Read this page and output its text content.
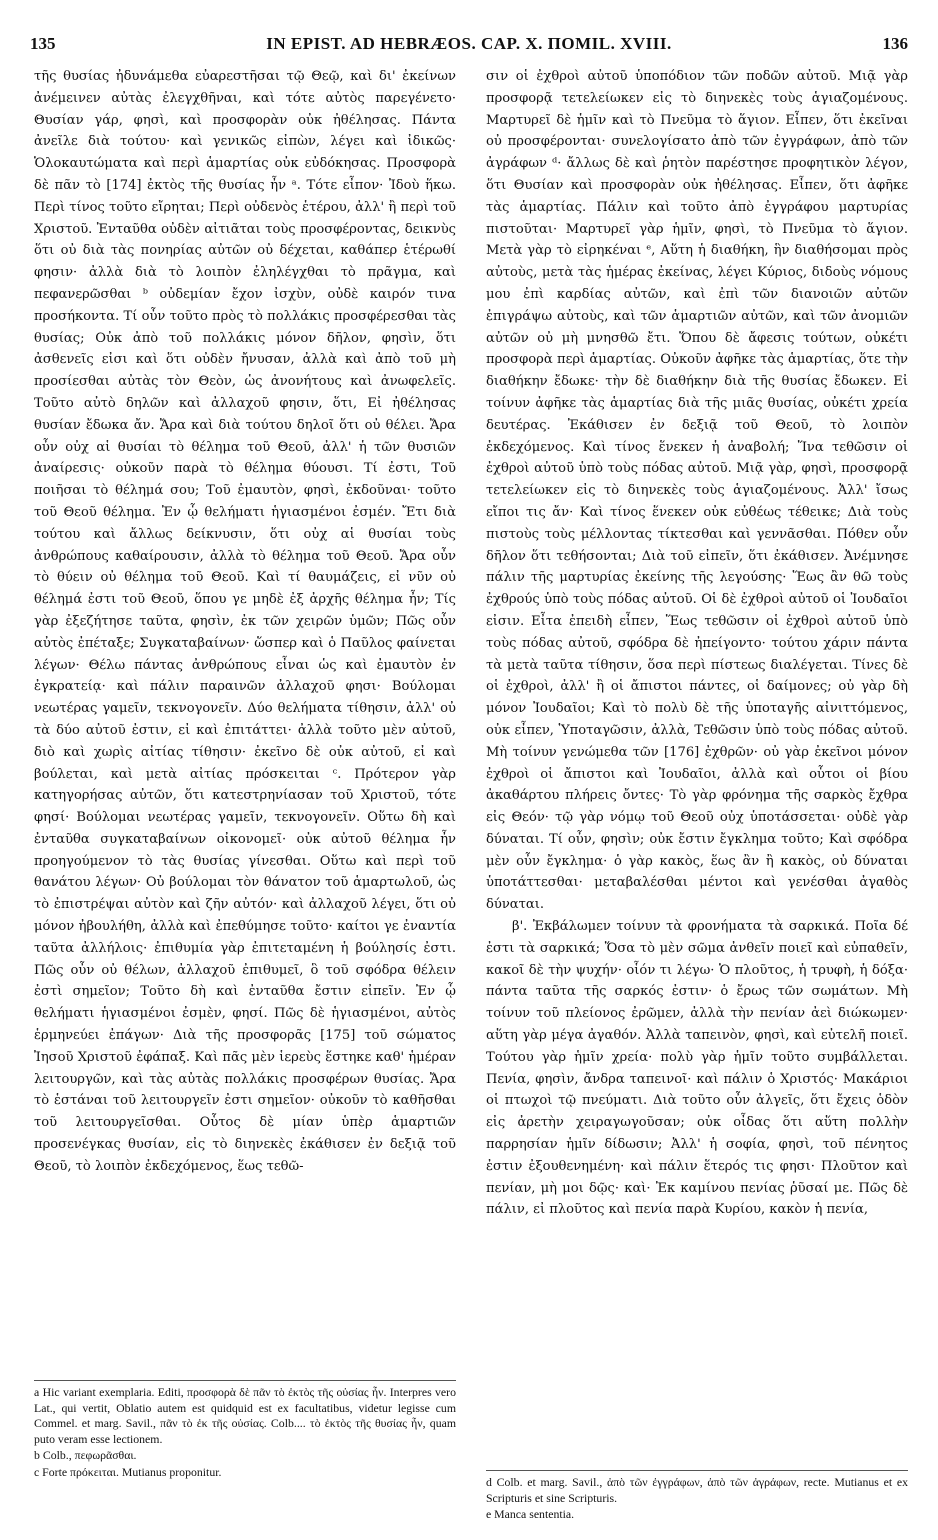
135	IN EPIST. AD HEBRÆOS. CAP. X. ΠΟΜΙL. XVIII.	136

τῆς θυσίας ἠδυνάμεθα εὐαρεστῆσαι τῷ Θεῷ, καὶ δι' ἐκείνων ἀνέμεινεν αὐτὰς ἐλεγχθῆναι, καὶ τότε αὐτὸς παρεγένετο· Θυσίαν γάρ, φησὶ, καὶ προσφορὰν οὐκ ἠθέλησας. Πάντα ἀνεῖλε διὰ τούτου· καὶ γενικῶς εἰπὼν, λέγει καὶ ἰδικῶς· Ὁλοκαυτώματα καὶ περὶ ἁμαρτίας οὐκ εὐδόκησας. Προσφορὰ δὲ πᾶν τὸ [174] ἐκτὸς τῆς θυσίας ἦν ᵃ. Τότε εἶπον· Ἰδοὺ ἥκω. Περὶ τίνος τοῦτο εἴρηται; Περὶ οὐδενὸς ἑτέρου, ἀλλ' ἢ περὶ τοῦ Χριστοῦ. Ἐνταῦθα οὐδὲν αἰτιᾶται τοὺς προσφέροντας, δεικνὺς ὅτι οὐ διὰ τὰς πονηρίας αὐτῶν οὐ δέχεται, καθάπερ ἑτέρωθί φησιν· ἀλλὰ διὰ τὸ λοιπὸν ἐληλέγχθαι τὸ πρᾶγμα, καὶ πεφανερῶσθαι ᵇ οὐδεμίαν ἔχον ἰσχὺν, οὐδὲ καιρόν τινα προσήκοντα. Τί οὖν τοῦτο πρὸς τὸ πολλάκις προσφέρεσθαι τὰς θυσίας; Οὐκ ἀπὸ τοῦ πολλάκις μόνον δῆλον, φησὶν, ὅτι ἀσθενεῖς εἰσι καὶ ὅτι οὐδὲν ἤνυσαν, ἀλλὰ καὶ ἀπὸ τοῦ μὴ προσίεσθαι αὐτὰς τὸν Θεὸν, ὡς ἀνονήτους καὶ ἀνωφελεῖς. Τοῦτο αὐτὸ δηλῶν καὶ ἀλλαχοῦ φησιν, ὅτι, Εἰ ἠθέλησας θυσίαν ἔδωκα ἄν. Ἄρα καὶ διὰ τούτου δηλοῖ ὅτι οὐ θέλει. Ἄρα οὖν οὐχ αἱ θυσίαι τὸ θέλημα τοῦ Θεοῦ, ἀλλ' ἡ τῶν θυσιῶν ἀναίρεσις· οὐκοῦν παρὰ τὸ θέλημα θύουσι. Τί ἐστι, Τοῦ ποιῆσαι τὸ θέλημά σου; Τοῦ ἐμαυτὸν, φησὶ, ἐκδοῦναι· τοῦτο τοῦ Θεοῦ θέλημα. Ἐν ᾧ θελήματι ἡγιασμένοι ἐσμέν. Ἔτι διὰ τούτου καὶ ἄλλως δείκνυσιν, ὅτι οὐχ αἱ θυσίαι τοὺς ἀνθρώπους καθαίρουσιν, ἀλλὰ τὸ θέλημα τοῦ Θεοῦ. Ἄρα οὖν τὸ θύειν οὐ θέλημα τοῦ Θεοῦ. Καὶ τί θαυμάζεις, εἰ νῦν οὐ θέλημά ἐστι τοῦ Θεοῦ, ὅπου γε μηδὲ ἐξ ἀρχῆς θέλημα ἦν; Τίς γὰρ ἐξεζήτησε ταῦτα, φησὶν, ἐκ τῶν χειρῶν ὑμῶν; Πῶς οὖν αὐτὸς ἐπέταξε; Συγκαταβαίνων· ὥσπερ καὶ ὁ Παῦλος φαίνεται λέγων· Θέλω πάντας ἀνθρώπους εἶναι ὡς καὶ ἐμαυτὸν ἐν ἐγκρατείᾳ· καὶ πάλιν παραινῶν ἀλλαχοῦ φησι· Βούλομαι νεωτέρας γαμεῖν, τεκνογονεῖν. Δύο θελήματα τίθησιν, ἀλλ' οὐ τὰ δύο αὐτοῦ ἐστιν, εἰ καὶ ἐπιτάττει· ἀλλὰ τοῦτο μὲν αὐτοῦ, διὸ καὶ χωρὶς αἰτίας τίθησιν· ἐκεῖνο δὲ οὐκ αὐτοῦ, εἰ καὶ βούλεται, καὶ μετὰ αἰτίας πρόσκειται ᶜ. Πρότερον γὰρ κατηγορήσας αὐτῶν, ὅτι κατεστρηνίασαν τοῦ Χριστοῦ, τότε φησί· Βούλομαι νεωτέρας γαμεῖν, τεκνογονεῖν. Οὕτω δὴ καὶ ἐνταῦθα συγκαταβαίνων οἰκονομεῖ· οὐκ αὐτοῦ θέλημα ἦν προηγούμενον τὸ τὰς θυσίας γίνεσθαι. Οὕτω καὶ περὶ τοῦ θανάτου λέγων· Οὐ βούλομαι τὸν θάνατον τοῦ ἁμαρτωλοῦ, ὡς τὸ ἐπιστρέψαι αὐτὸν καὶ ζῆν αὐτόν· καὶ ἀλλαχοῦ λέγει, ὅτι οὐ μόνον ἠβουλήθη, ἀλλὰ καὶ ἐπεθύμησε τοῦτο· καίτοι γε ἐναντία ταῦτα ἀλλήλοις· ἐπιθυμία γὰρ ἐπιτεταμένη ἡ βούλησίς ἐστι. Πῶς οὖν οὐ θέλων, ἀλλαχοῦ ἐπιθυμεῖ, ὃ τοῦ σφόδρα θέλειν ἐστὶ σημεῖον; Τοῦτο δὴ καὶ ἐνταῦθα ἔστιν εἰπεῖν. Ἐν ᾧ θελήματι ἡγιασμένοι ἐσμὲν, φησί. Πῶς δὲ ἡγιασμένοι, αὐτὸς ἑρμηνεύει ἐπάγων· Διὰ τῆς προσφορᾶς [175] τοῦ σώματος Ἰησοῦ Χριστοῦ ἐφάπαξ. Καὶ πᾶς μὲν ἱερεὺς ἕστηκε καθ' ἡμέραν λειτουργῶν, καὶ τὰς αὐτὰς πολλάκις προσφέρων θυσίας. Ἄρα τὸ ἑστάναι τοῦ λειτουργεῖν ἐστι σημεῖον· οὐκοῦν τὸ καθῆσθαι τοῦ λειτουργεῖσθαι. Οὗτος δὲ μίαν ὑπὲρ ἁμαρτιῶν προσενέγκας θυσίαν, εἰς τὸ διηνεκὲς ἐκάθισεν ἐν δεξιᾷ τοῦ Θεοῦ, τὸ λοιπὸν ἐκδεχόμενος, ἕως τεθῶ-

σιν οἱ ἐχθροὶ αὐτοῦ ὑποπόδιον τῶν ποδῶν αὐτοῦ. Μιᾷ γὰρ προσφορᾷ τετελείωκεν εἰς τὸ διηνεκὲς τοὺς ἁγιαζομένους. Μαρτυρεῖ δὲ ἡμῖν καὶ τὸ Πνεῦμα τὸ ἅγιον. Εἶπεν, ὅτι ἐκεῖναι οὐ προσφέρονται· συνελογίσατο ἀπὸ τῶν ἐγγράφων, ἀπὸ τῶν ἀγράφων ᵈ· ἄλλως δὲ καὶ ῥητὸν παρέστησε προφητικὸν λέγον, ὅτι Θυσίαν καὶ προσφορὰν οὐκ ἠθέλησας. Εἶπεν, ὅτι ἀφῆκε τὰς ἁμαρτίας. Πάλιν καὶ τοῦτο ἀπὸ ἐγγράφου μαρτυρίας πιστοῦται· Μαρτυρεῖ γὰρ ἡμῖν, φησὶ, τὸ Πνεῦμα τὸ ἅγιον. Μετὰ γὰρ τὸ εἰρηκέναι ᵉ, Αὕτη ἡ διαθήκη, ἣν διαθήσομαι πρὸς αὐτοὺς, μετὰ τὰς ἡμέρας ἐκείνας, λέγει Κύριος, διδοὺς νόμους μου ἐπὶ καρδίας αὐτῶν, καὶ ἐπὶ τῶν διανοιῶν αὐτῶν ἐπιγράψω αὐτοὺς, καὶ τῶν ἁμαρτιῶν αὐτῶν, καὶ τῶν ἀνομιῶν αὐτῶν οὐ μὴ μνησθῶ ἔτι. Ὅπου δὲ ἄφεσις τούτων, οὐκέτι προσφορὰ περὶ ἁμαρτίας. Οὐκοῦν ἀφῆκε τὰς ἁμαρτίας, ὅτε τὴν διαθήκην ἔδωκε· τὴν δὲ διαθήκην διὰ τῆς θυσίας ἔδωκεν. Εἰ τοίνυν ἀφῆκε τὰς ἁμαρτίας διὰ τῆς μιᾶς θυσίας, οὐκέτι χρεία δευτέρας. Ἐκάθισεν ἐν δεξιᾷ τοῦ Θεοῦ, τὸ λοιπὸν ἐκδεχόμενος. Καὶ τίνος ἕνεκεν ἡ ἀναβολή; Ἵνα τεθῶσιν οἱ ἐχθροὶ αὐτοῦ ὑπὸ τοὺς πόδας αὐτοῦ. Μιᾷ γὰρ, φησὶ, προσφορᾷ τετελείωκεν εἰς τὸ διηνεκὲς τοὺς ἁγιαζομένους. Ἀλλ' ἴσως εἴποι τις ἄν· Καὶ τίνος ἕνεκεν οὐκ εὐθέως τέθεικε; Διὰ τοὺς πιστοὺς τοὺς μέλλοντας τίκτεσθαι καὶ γεννᾶσθαι. Πόθεν οὖν δῆλον ὅτι τεθήσονται; Διὰ τοῦ εἰπεῖν, ὅτι ἐκάθισεν. Ἀνέμνησε πάλιν τῆς μαρτυρίας ἐκείνης τῆς λεγούσης· Ἕως ἂν θῶ τοὺς ἐχθρούς ὑπὸ τοὺς πόδας αὐτοῦ. Οἱ δὲ ἐχθροὶ αὐτοῦ οἱ Ἰουδαῖοι εἰσιν. Εἶτα ἐπειδὴ εἶπεν, Ἕως τεθῶσιν οἱ ἐχθροὶ αὐτοῦ ὑπὸ τοὺς πόδας αὐτοῦ, σφόδρα δὲ ἠπείγοντο· τούτου χάριν πάντα τὰ μετὰ ταῦτα τίθησιν, ὅσα περὶ πίστεως διαλέγεται. Τίνες δὲ οἱ ἐχθροὶ, ἀλλ' ἢ οἱ ἄπιστοι πάντες, οἱ δαίμονες; οὐ γὰρ δὴ μόνον Ἰουδαῖοι; Καὶ τὸ πολὺ δὲ τῆς ὑποταγῆς αἰνιττόμενος, οὐκ εἶπεν, Ὑποταγῶσιν, ἀλλὰ, Τεθῶσιν ὑπὸ τοὺς πόδας αὐτοῦ. Μὴ τοίνυν γενώμεθα τῶν [176] ἐχθρῶν· οὐ γὰρ ἐκεῖνοι μόνον ἐχθροὶ οἱ ἄπιστοι καὶ Ἰουδαῖοι, ἀλλὰ καὶ οὗτοι οἱ βίου ἀκαθάρτου πλήρεις ὄντες· Τὸ γὰρ φρόνημα τῆς σαρκὸς ἔχθρα εἰς Θεόν· τῷ γὰρ νόμῳ τοῦ Θεοῦ οὐχ ὑποτάσσεται· οὐδὲ γὰρ δύναται. Τί οὖν, φησὶν; οὐκ ἔστιν ἔγκλημα τοῦτο; Καὶ σφόδρα μὲν οὖν ἔγκλημα· ὁ γὰρ κακὸς, ἕως ἂν ἢ κακὸς, οὐ δύναται ὑποτάττεσθαι· μεταβαλέσθαι μέντοι καὶ γενέσθαι ἀγαθὸς δύναται.

β'. Ἐκβάλωμεν τοίνυν τὰ φρονήματα τὰ σαρκικά. Ποῖα δέ ἐστι τὰ σαρκικά; Ὅσα τὸ μὲν σῶμα ἀνθεῖν ποιεῖ καὶ εὐπαθεῖν, κακοῖ δὲ τὴν ψυχήν· οἷόν τι λέγω· Ὁ πλοῦτος, ἡ τρυφὴ, ἡ δόξα· πάντα ταῦτα τῆς σαρκός ἐστιν· ὁ ἔρως τῶν σωμάτων. Μὴ τοίνυν τοῦ πλείονος ἐρῶμεν, ἀλλὰ τὴν πενίαν ἀεὶ διώκωμεν· αὕτη γὰρ μέγα ἀγαθόν. Ἀλλὰ ταπεινὸν, φησὶ, καὶ εὐτελῆ ποιεῖ. Τούτου γὰρ ἡμῖν χρεία· πολὺ γὰρ ἡμῖν τοῦτο συμβάλλεται. Πενία, φησὶν, ἄνδρα ταπεινοῖ· καὶ πάλιν ὁ Χριστός· Μακάριοι οἱ πτωχοὶ τῷ πνεύματι. Διὰ τοῦτο οὖν ἀλγεῖς, ὅτι ἔχεις ὁδὸν εἰς ἀρετὴν χειραγωγοῦσαν; οὐκ οἶδας ὅτι αὕτη πολλὴν παρρησίαν ἡμῖν δίδωσιν; Ἀλλ' ἡ σοφία, φησὶ, τοῦ πένητος ἐστιν ἐξουθενημένη· καὶ πάλιν ἕτερός τις φησι· Πλοῦτον καὶ πενίαν, μὴ μοι δῷς· καὶ· Ἐκ καμίνου πενίας ῥῦσαί με. Πῶς δὲ πάλιν, εἰ πλοῦτος καὶ πενία παρὰ Κυρίου, κακὸν ἡ πενία,

a Hic variant exemplaria. Editi, προσφορὰ δὲ πᾶν τὸ ἐκτὸς τῆς οὐσίας ἦν. Interpres vero Lat., qui vertit, Oblatio autem est quidquid est ex facultatibus, videtur legisse cum Commel. et marg. Savil., πᾶν τὸ ἐκ τῆς οὐσίας. Colb.... τὸ ἐκτὸς τῆς θυσίας ἦν, quam puto veram esse lectionem.

b Colb., πεφωρᾶσθαι.

c Forte πρόκειται. Mutianus proponitur.

d Colb. et marg. Savil., ἀπὸ τῶν ἐγγράφων, ἀπὸ τῶν ἀγράφων, recte. Mutianus et ex Scripturis et sine Scripturis.

e Manca sententia.
